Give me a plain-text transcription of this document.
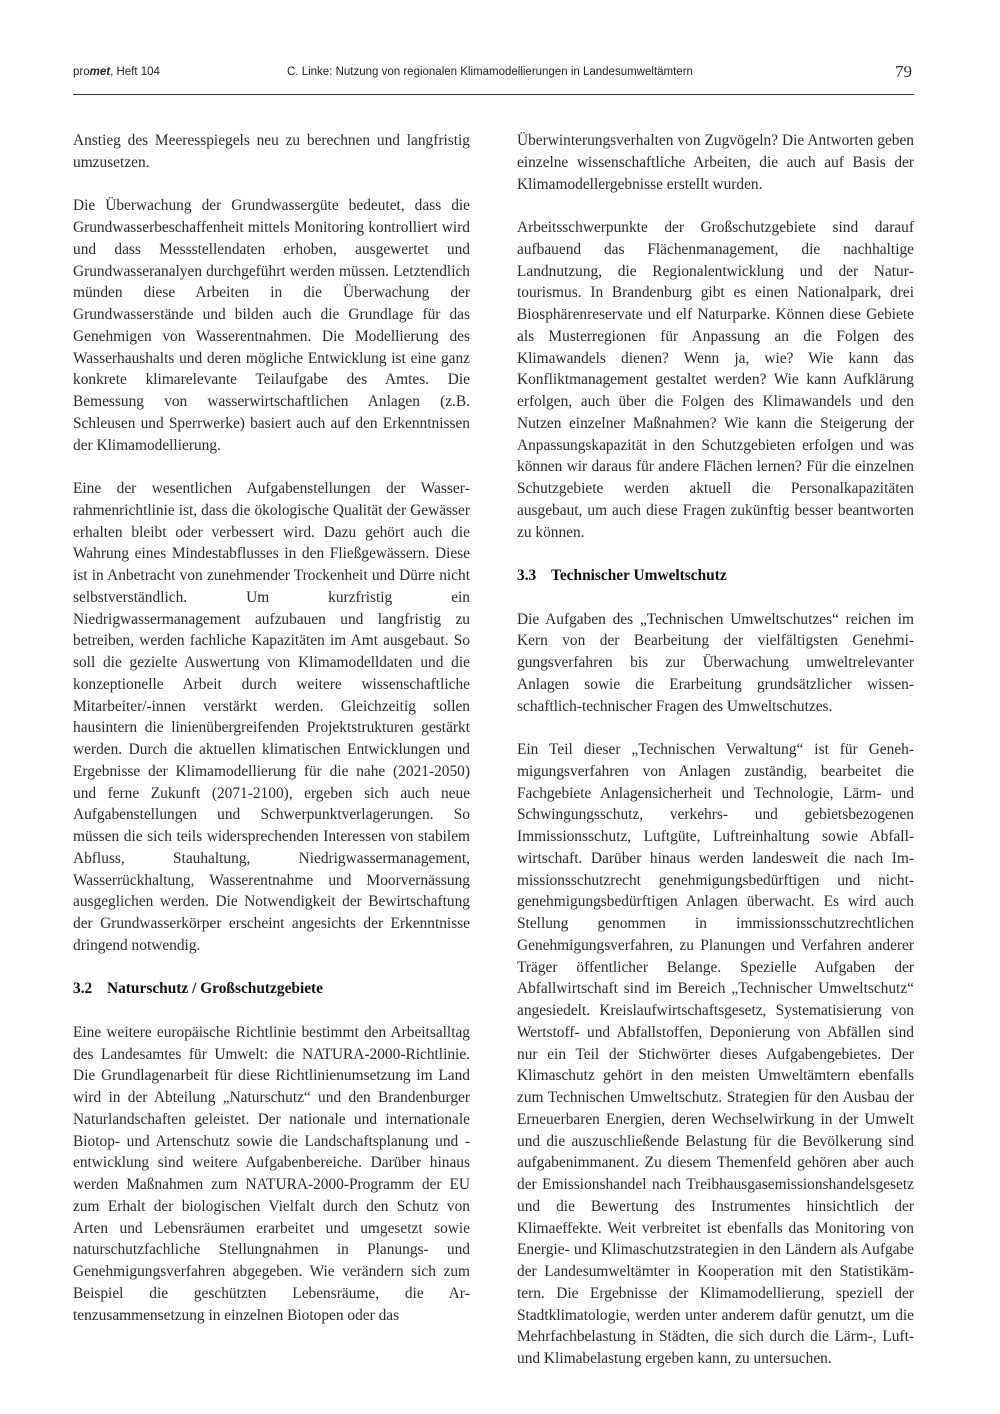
promet, Heft 104	C. Linke: Nutzung von regionalen Klimamodellierungen in Landesumweltämtern	79

Anstieg des Meeresspiegels neu zu berechnen und langfristig umzusetzen.

Die Überwachung der Grundwassergüte bedeutet, dass die Grundwasserbeschaffenheit mittels Monitoring kontrolliert wird und dass Messstellendaten erhoben, ausgewertet und Grundwasseranalyen durchgeführt werden müssen. Letztendlich münden diese Arbeiten in die Überwachung der Grundwasserstände und bilden auch die Grundlage für das Genehmigen von Wasserentnahmen. Die Modellierung des Wasserhaushalts und deren mögliche Entwicklung ist eine ganz konkrete klimarelevante Teilaufgabe des Amtes. Die Bemessung von wasserwirtschaftlichen Anlagen (z.B. Schleusen und Sperrwerke) basiert auch auf den Erkenntnissen der Klimamodellierung.

Eine der wesentlichen Aufgabenstellungen der Wasserrahmenrichtlinie ist, dass die ökologische Qualität der Gewässer erhalten bleibt oder verbessert wird. Dazu gehört auch die Wahrung eines Mindestabflusses in den Fließgewässern. Diese ist in Anbetracht von zunehmender Trockenheit und Dürre nicht selbstverständlich. Um kurzfristig ein Niedrigwassermanagement aufzubauen und langfristig zu betreiben, werden fachliche Kapazitäten im Amt ausgebaut. So soll die gezielte Auswertung von Klimamodelldaten und die konzeptionelle Arbeit durch weitere wissenschaftliche Mitarbeiter/-innen verstärkt werden. Gleichzeitig sollen hausintern die linienübergreifenden Projektstrukturen gestärkt werden. Durch die aktuellen klimatischen Entwicklungen und Ergebnisse der Klimamodellierung für die nahe (2021-2050) und ferne Zukunft (2071-2100), ergeben sich auch neue Aufgabenstellungen und Schwerpunktverlagerungen. So müssen die sich teils widersprechenden Interessen von stabilem Abfluss, Stauhaltung, Niedrigwassermanagement, Wasserrückhaltung, Wasserentnahme und Moorvernässung ausgeglichen werden. Die Notwendigkeit der Bewirtschaftung der Grundwasserkörper erscheint angesichts der Erkenntnisse dringend notwendig.

3.2 Naturschutz / Großschutzgebiete

Eine weitere europäische Richtlinie bestimmt den Arbeitsalltag des Landesamtes für Umwelt: die NATURA-2000-Richtlinie. Die Grundlagenarbeit für diese Richtlinienumsetzung im Land wird in der Abteilung „Naturschutz“ und den Brandenburger Naturlandschaften geleistet. Der nationale und internationale Biotop- und Artenschutz sowie die Landschaftsplanung und -entwicklung sind weitere Aufgabenbereiche. Darüber hinaus werden Maßnahmen zum NATURA-2000-Programm der EU zum Erhalt der biologischen Vielfalt durch den Schutz von Arten und Lebensräumen erarbeitet und umgesetzt sowie naturschutzfachliche Stellungnahmen in Planungs- und Genehmigungsverfahren abgegeben. Wie verändern sich zum Beispiel die geschützten Lebensräume, die Artenzusammensetzung in einzelnen Biotopen oder das

Überwinterungsverhalten von Zugvögeln? Die Antworten geben einzelne wissenschaftliche Arbeiten, die auch auf Basis der Klimamodellergebnisse erstellt wurden.

Arbeitsschwerpunkte der Großschutzgebiete sind darauf aufbauend das Flächenmanagement, die nachhaltige Landnutzung, die Regionalentwicklung und der Naturtourismus. In Brandenburg gibt es einen Nationalpark, drei Biosphärenreservate und elf Naturparke. Können diese Gebiete als Musterregionen für Anpassung an die Folgen des Klimawandels dienen? Wenn ja, wie? Wie kann das Konfliktmanagement gestaltet werden? Wie kann Aufklärung erfolgen, auch über die Folgen des Klimawandels und den Nutzen einzelner Maßnahmen? Wie kann die Steigerung der Anpassungskapazität in den Schutzgebieten erfolgen und was können wir daraus für andere Flächen lernen? Für die einzelnen Schutzgebiete werden aktuell die Personalkapazitäten ausgebaut, um auch diese Fragen zukünftig besser beantworten zu können.

3.3 Technischer Umweltschutz

Die Aufgaben des „Technischen Umweltschutzes“ reichen im Kern von der Bearbeitung der vielfältigsten Genehmigungsverfahren bis zur Überwachung umweltrelevanter Anlagen sowie die Erarbeitung grundsätzlicher wissenschaftlich-technischer Fragen des Umweltschutzes.

Ein Teil dieser „Technischen Verwaltung“ ist für Genehmigungsverfahren von Anlagen zuständig, bearbeitet die Fachgebiete Anlagensicherheit und Technologie, Lärm- und Schwingungsschutz, verkehrs- und gebietsbezogenen Immissionsschutz, Luftgüte, Luftreinhaltung sowie Abfallwirtschaft. Darüber hinaus werden landesweit die nach Immissionsschutzrecht genehmigungsbedürftigen und nichtgenehmigungsbedürftigen Anlagen überwacht. Es wird auch Stellung genommen in immissionsschutzrechtlichen Genehmigungsverfahren, zu Planungen und Verfahren anderer Träger öffentlicher Belange. Spezielle Aufgaben der Abfallwirtschaft sind im Bereich „Technischer Umweltschutz“ angesiedelt. Kreislaufwirtschaftsgesetz, Systematisierung von Wertstoff- und Abfallstoffen, Deponierung von Abfällen sind nur ein Teil der Stichwörter dieses Aufgabengebietes. Der Klimaschutz gehört in den meisten Umweltämtern ebenfalls zum Technischen Umweltschutz. Strategien für den Ausbau der Erneuerbaren Energien, deren Wechselwirkung in der Umwelt und die auszuschließende Belastung für die Bevölkerung sind aufgabenimmanent. Zu diesem Themenfeld gehören aber auch der Emissionshandel nach Treibhausgasemissionshandelsgesetz und die Bewertung des Instrumentes hinsichtlich der Klimaeffekte. Weit verbreitet ist ebenfalls das Monitoring von Energie- und Klimaschutzstrategien in den Ländern als Aufgabe der Landesumweltämter in Kooperation mit den Statistikämtern. Die Ergebnisse der Klimamodellierung, speziell der Stadtklimatologie, werden unter anderem dafür genutzt, um die Mehrfachbelastung in Städten, die sich durch die Lärm-, Luft- und Klimabelastung ergeben kann, zu untersuchen.
